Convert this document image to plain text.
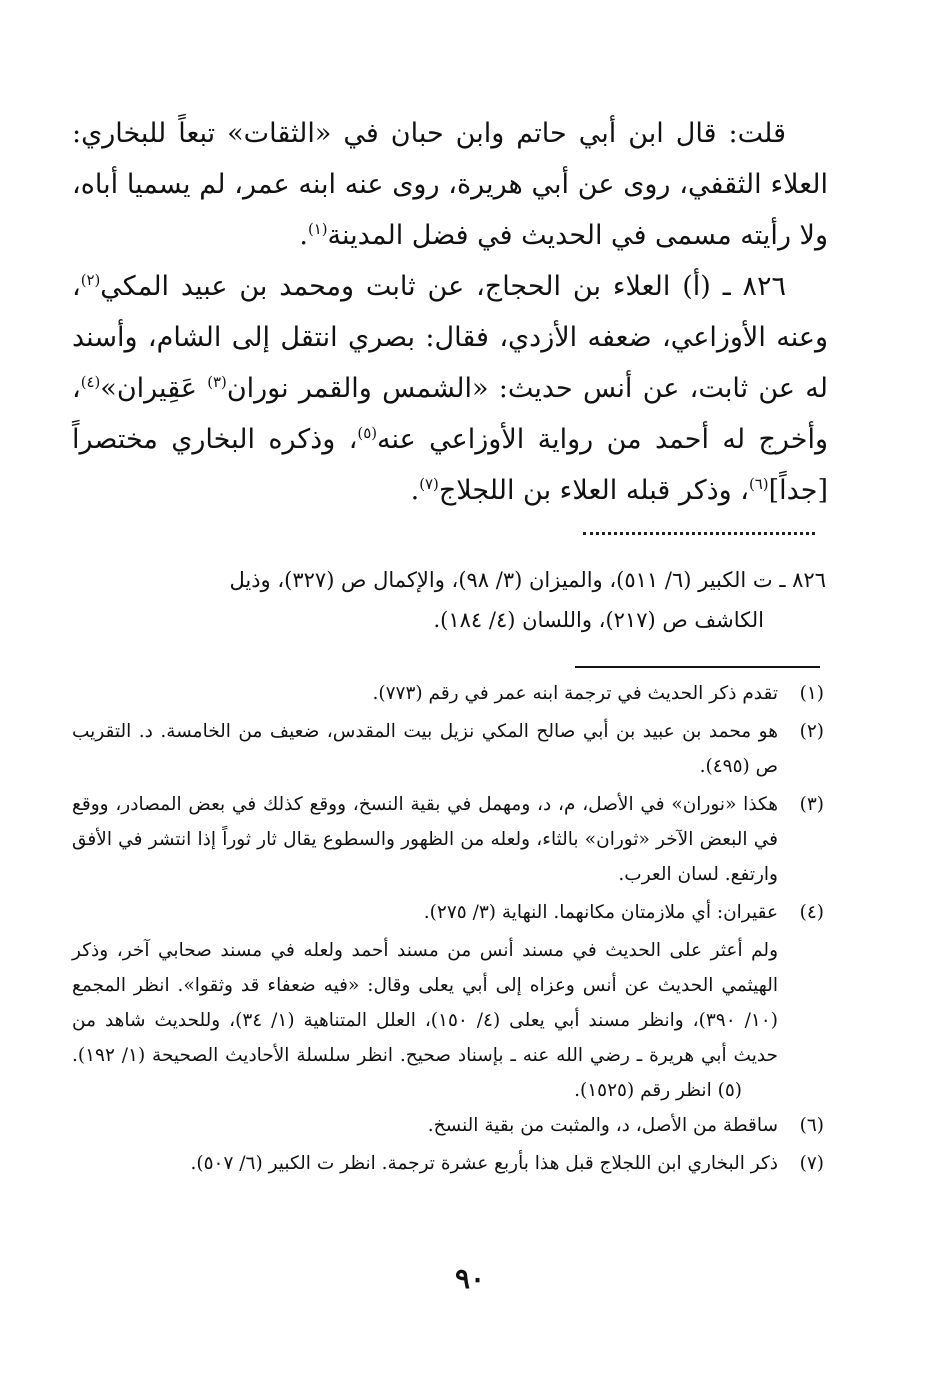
قلت: قال ابن أبي حاتم وابن حبان في «الثقات» تبعاً للبخاري: العلاء الثقفي، روى عن أبي هريرة، روى عنه ابنه عمر، لم يسميا أباه، ولا رأيته مسمى في الحديث في فضل المدينة$^{(١)}$.

٨٢٦ ـ (أ) العلاء بن الحجاج، عن ثابت ومحمد بن عبيد المكي$^{(٢)}$، وعنه الأوزاعي، ضعفه الأزدي، فقال: بصري انتقل إلى الشام، وأسند له عن ثابت، عن أنس حديث: «الشمس والقمر نوران$^{(٣)}$ عَقِيران»$^{(٤)}$، وأخرج له أحمد من رواية الأوزاعي عنه$^{(٥)}$، وذكره البخاري مختصراً [جداً]$^{(٦)}$، وذكر قبله العلاء بن اللجلاج$^{(٧)}$.

٨٢٦ ـ ت الكبير (٦/ ٥١١)، والميزان (٣/ ٩٨)، والإكمال ص (٣٢٧)، وذيل

الكاشف ص (٢١٧)، واللسان (٤/ ١٨٤).

(١)
تقدم ذكر الحديث في ترجمة ابنه عمر في رقم (٧٧٣).
(٢)
هو محمد بن عبيد بن أبي صالح المكي نزيل بيت المقدس، ضعيف من الخامسة. د. التقريب ص (٤٩٥).
(٣)
هكذا «نوران» في الأصل، م، د، ومهمل في بقية النسخ، ووقع كذلك في بعض المصادر، ووقع في البعض الآخر «ثوران» بالثاء، ولعله من الظهور والسطوع يقال ثار ثوراً إذا انتشر في الأفق وارتفع. لسان العرب.
(٤)
عقيران: أي ملازمتان مكانهما. النهاية (٣/ ٢٧٥).
ولم أعثر على الحديث في مسند أنس من مسند أحمد ولعله في مسند صحابي آخر، وذكر الهيثمي الحديث عن أنس وعزاه إلى أبي يعلى وقال: «فيه ضعفاء قد وثقوا». انظر المجمع (١٠/ ٣٩٠)، وانظر مسند أبي يعلى (٤/ ١٥٠)، العلل المتناهية (١/ ٣٤)، وللحديث شاهد من حديث أبي هريرة ـ رضي الله عنه ـ بإسناد صحيح. انظر سلسلة الأحاديث الصحيحة (١/ ١٩٢).(٥) انظر رقم (١٥٢٥).
(٦)
ساقطة من الأصل، د، والمثبت من بقية النسخ.
(٧)
ذكر البخاري ابن اللجلاج قبل هذا بأربع عشرة ترجمة. انظر ت الكبير (٦/ ٥٠٧).
٩٠
